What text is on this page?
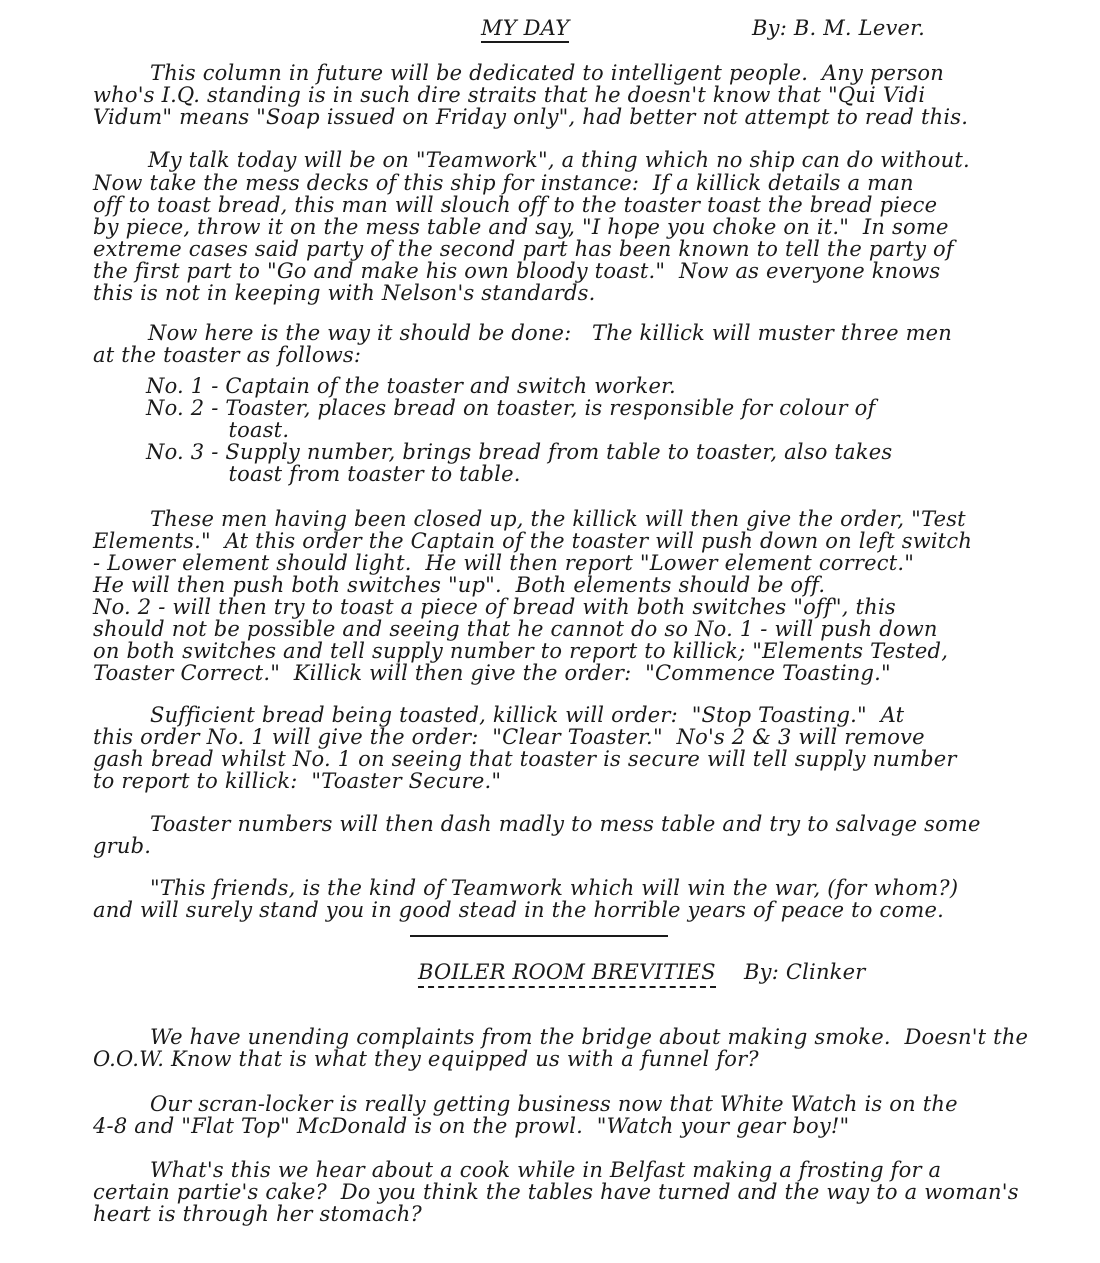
MY DAY	By: B. M. Lever.
This column in future will be dedicated to intelligent people.  Any person
who's I.Q. standing is in such dire straits that he doesn't know that "Qui Vidi
Vidum" means "Soap issued on Friday only", had better not attempt to read this.
My talk today will be on "Teamwork", a thing which no ship can do without.
Now take the mess decks of this ship for instance:  If a killick details a man
off to toast bread, this man will slouch off to the toaster toast the bread piece
by piece, throw it on the mess table and say, "I hope you choke on it."  In some
extreme cases said party of the second part has been known to tell the party of
the first part to "Go and make his own bloody toast."  Now as everyone knows
this is not in keeping with Nelson's standards.
Now here is the way it should be done:   The killick will muster three men
at the toaster as follows:
No. 1 - Captain of the toaster and switch worker.
No. 2 - Toaster, places bread on toaster, is responsible for colour of
toast.
No. 3 - Supply number, brings bread from table to toaster, also takes
toast from toaster to table.
These men having been closed up, the killick will then give the order, "Test
Elements."  At this order the Captain of the toaster will push down on left switch
- Lower element should light.  He will then report "Lower element correct."
He will then push both switches "up".  Both elements should be off.
No. 2 - will then try to toast a piece of bread with both switches "off", this
should not be possible and seeing that he cannot do so No. 1 - will push down
on both switches and tell supply number to report to killick; "Elements Tested,
Toaster Correct."  Killick will then give the order:  "Commence Toasting."
Sufficient bread being toasted, killick will order:  "Stop Toasting."  At
this order No. 1 will give the order:  "Clear Toaster."  No's 2 & 3 will remove
gash bread whilst No. 1 on seeing that toaster is secure will tell supply number
to report to killick:  "Toaster Secure."
Toaster numbers will then dash madly to mess table and try to salvage some
grub.
"This friends, is the kind of Teamwork which will win the war, (for whom?)
and will surely stand you in good stead in the horrible years of peace to come.
BOILER ROOM BREVITIES By: Clinker
We have unending complaints from the bridge about making smoke.  Doesn't the
O.O.W. Know that is what they equipped us with a funnel for?
Our scran-locker is really getting business now that White Watch is on the
4-8 and "Flat Top" McDonald is on the prowl.  "Watch your gear boy!"
What's this we hear about a cook while in Belfast making a frosting for a
certain partie's cake?  Do you think the tables have turned and the way to a woman's
heart is through her stomach?
